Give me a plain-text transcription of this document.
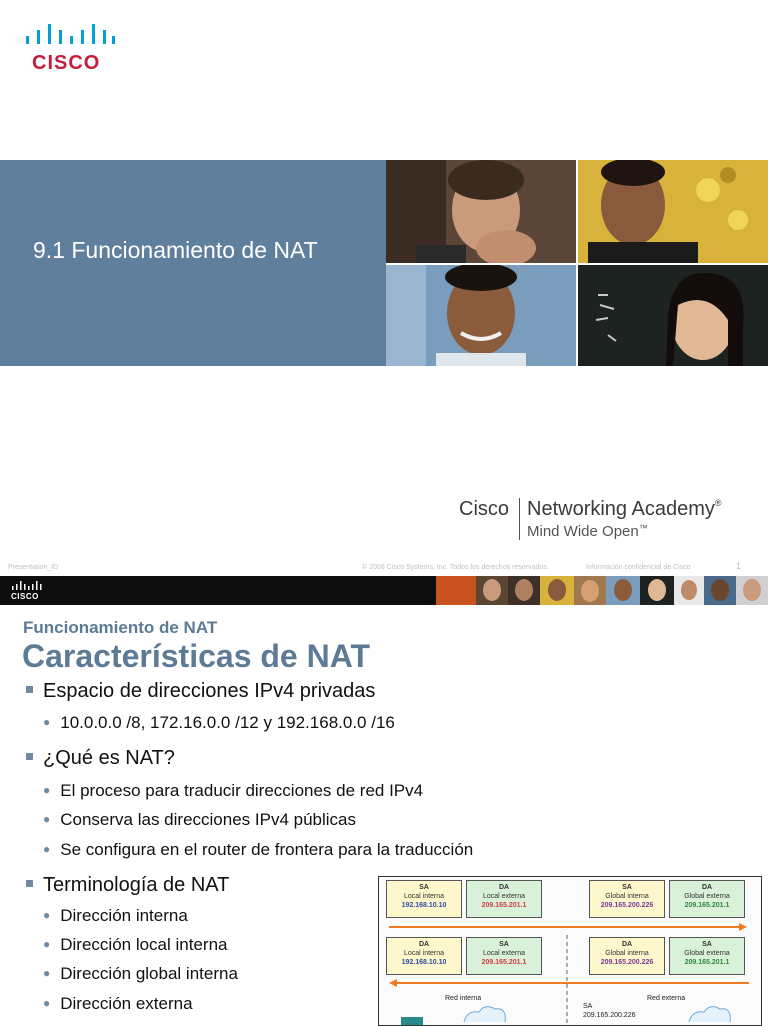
CISCO
9.1 Funcionamiento de NAT
Cisco Networking Academy®
Mind Wide Open™
Presentation_ID	© 2008 Cisco Systems, Inc. Todos los derechos reservados.	Información confidencial de Cisco	1
CISCO
Funcionamiento de NAT
Características de NAT
Espacio de direcciones IPv4 privadas
● 10.0.0.0 /8, 172.16.0.0 /12 y 192.168.0.0 /16
¿Qué es NAT?
● El proceso para traducir direcciones de red IPv4
● Conserva las direcciones IPv4 públicas
● Se configura en el router de frontera para la traducción
Terminología de NAT
● Dirección interna
● Dirección local interna
● Dirección global interna
● Dirección externa
SA
Local interna
192.168.10.10
DA
Local externa
209.165.201.1
SA
Global interna
209.165.200.226
DA
Global externa
209.165.201.1
DA
Local interna
192.168.10.10
SA
Local externa
209.165.201.1
DA
Global interna
209.165.200.226
SA
Global externa
209.165.201.1
Red interna	Red externa
SA
209.165.200.226
